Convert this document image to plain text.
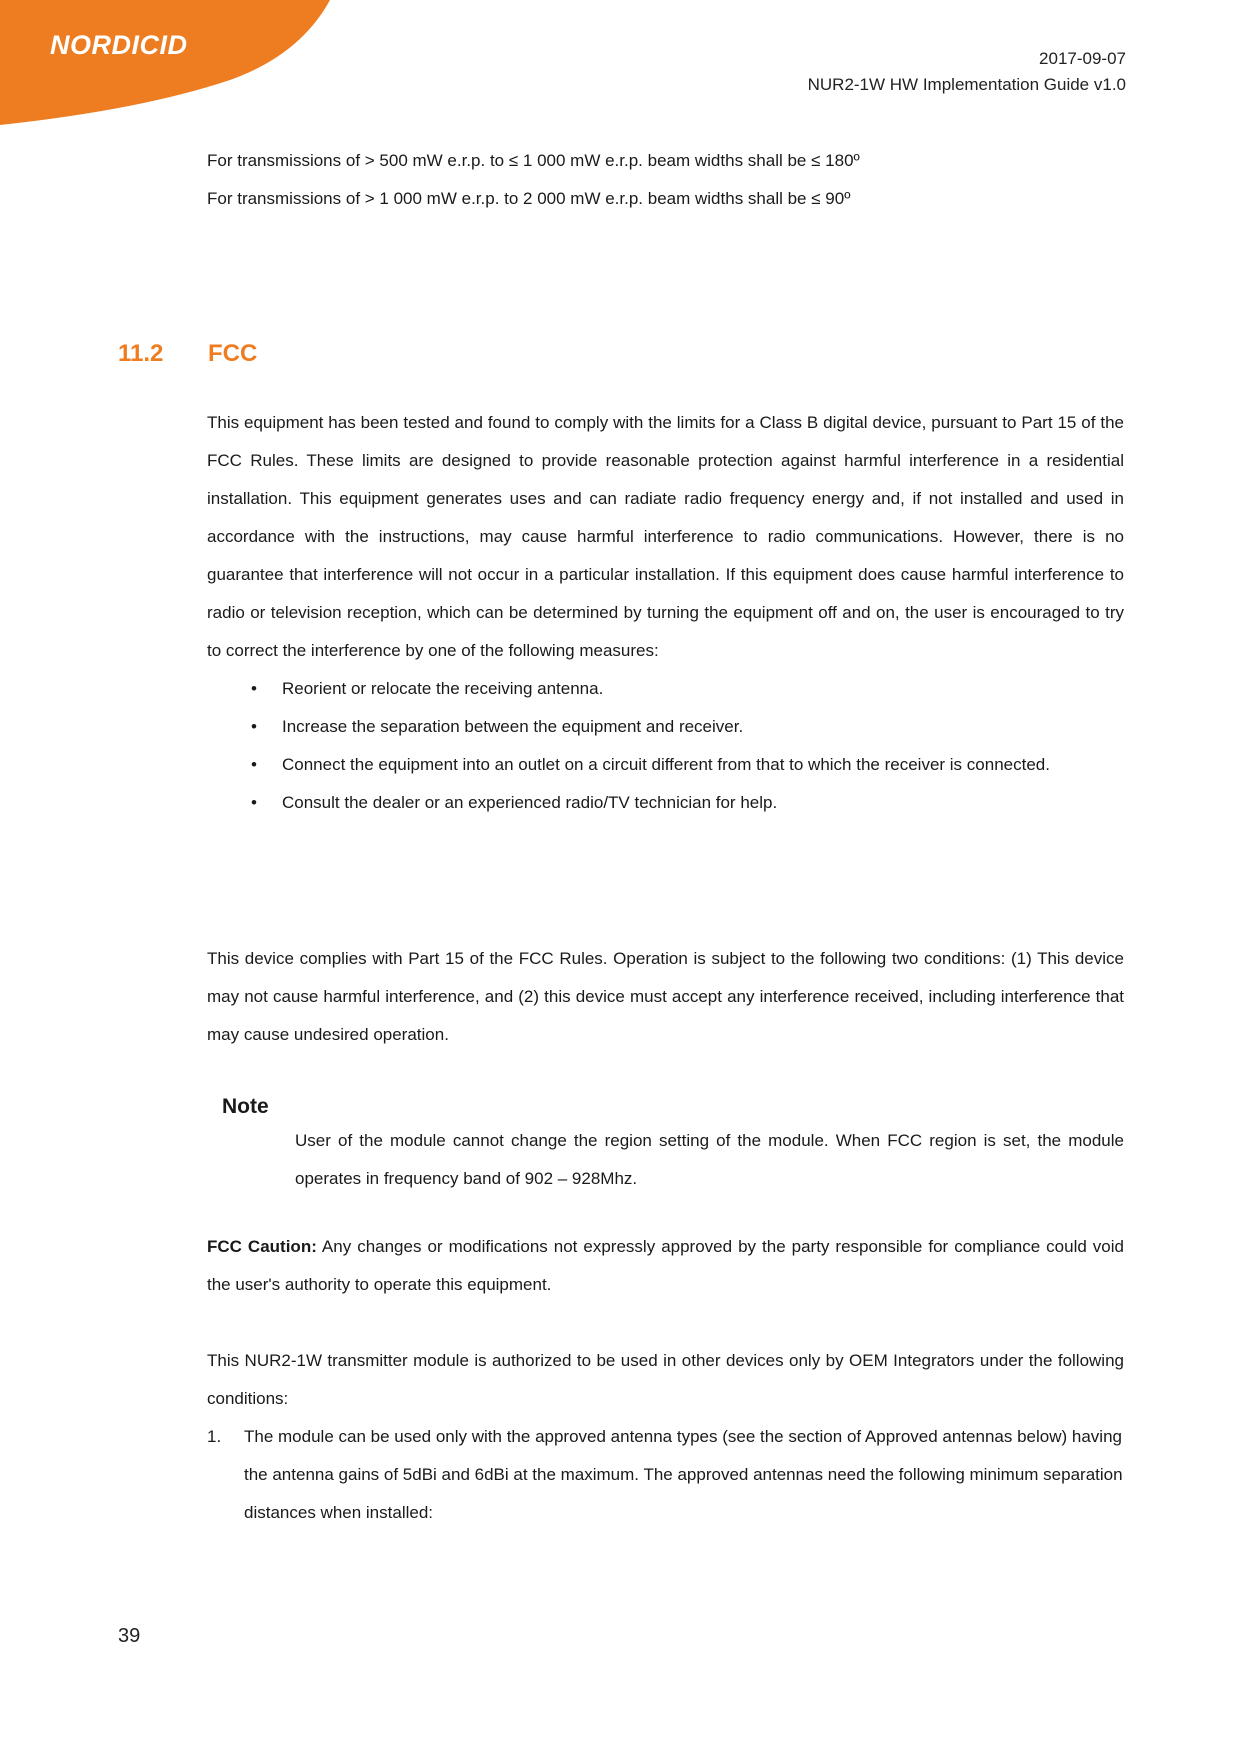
NORDICID	2017-09-07
NUR2-1W HW Implementation Guide v1.0

For transmissions of > 500 mW e.r.p. to ≤ 1 000 mW e.r.p. beam widths shall be ≤ 180º

For transmissions of > 1 000 mW e.r.p. to 2 000 mW e.r.p. beam widths shall be ≤ 90º

11.2 FCC

This equipment has been tested and found to comply with the limits for a Class B digital device, pursuant to Part 15 of the FCC Rules. These limits are designed to provide reasonable protection against harmful interference in a residential installation. This equipment generates uses and can radiate radio frequency energy and, if not installed and used in accordance with the instructions, may cause harmful interference to radio communications. However, there is no guarantee that interference will not occur in a particular installation. If this equipment does cause harmful interference to radio or television reception, which can be determined by turning the equipment off and on, the user is encouraged to try to correct the interference by one of the following measures:

• Reorient or relocate the receiving antenna.
• Increase the separation between the equipment and receiver.
• Connect the equipment into an outlet on a circuit different from that to which the receiver is connected.
• Consult the dealer or an experienced radio/TV technician for help.

This device complies with Part 15 of the FCC Rules. Operation is subject to the following two conditions: (1) This device may not cause harmful interference, and (2) this device must accept any interference received, including interference that may cause undesired operation.

Note

User of the module cannot change the region setting of the module. When FCC region is set, the module operates in frequency band of 902 – 928Mhz.

FCC Caution: Any changes or modifications not expressly approved by the party responsible for compliance could void the user's authority to operate this equipment.

This NUR2-1W transmitter module is authorized to be used in other devices only by OEM Integrators under the following conditions:

1. The module can be used only with the approved antenna types (see the section of Approved antennas below) having the antenna gains of 5dBi and 6dBi at the maximum. The approved antennas need the following minimum separation distances when installed:
39
